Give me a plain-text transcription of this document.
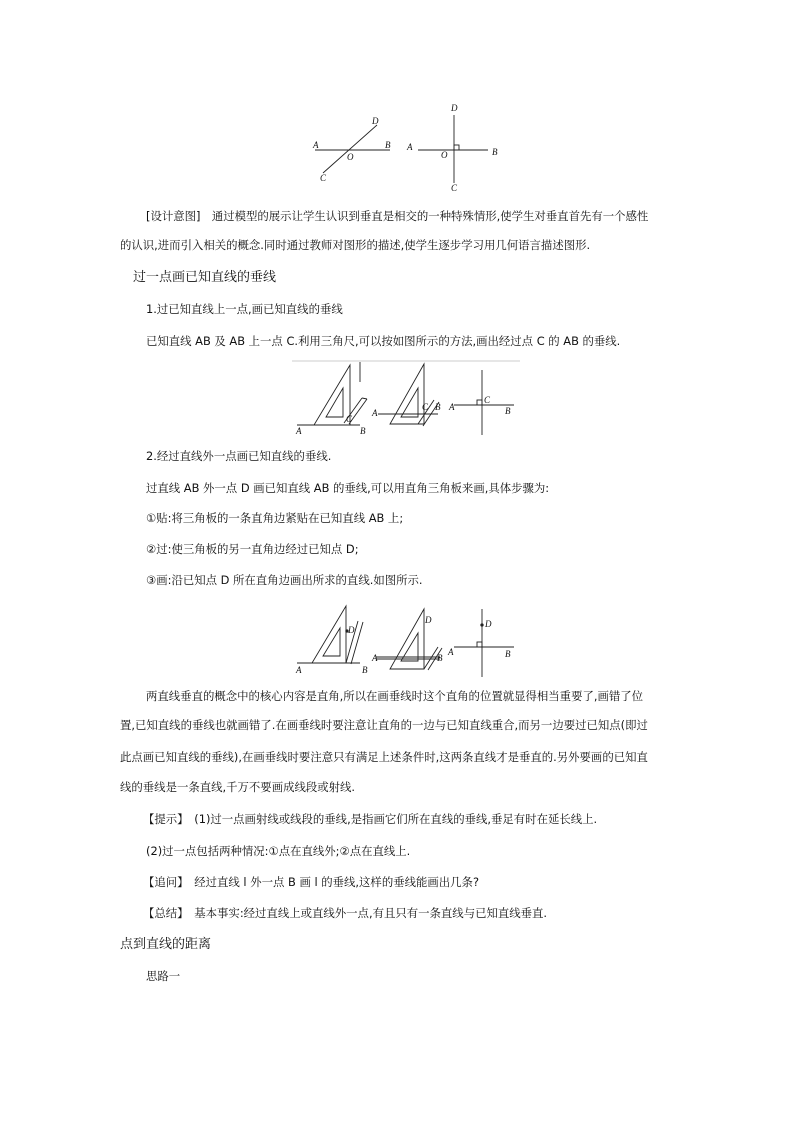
A	B
C
D
O
A	B
C
D
O
[设计意图]　通过模型的展示让学生认识到垂直是相交的一种特殊情形,使学生对垂直首先有一个感性
的认识,进而引入相关的概念.同时通过教师对图形的描述,使学生逐步学习用几何语言描述图形.
过一点画已知直线的垂线
1.过已知直线上一点,画已知直线的垂线
已知直线 AB 及 AB 上一点 C.利用三角尺,可以按如图所示的方法,画出经过点 C 的 AB 的垂线.
A	B
C
A
C B A
C
B
2.经过直线外一点画已知直线的垂线.
过直线 AB 外一点 D 画已知直线 AB 的垂线,可以用直角三角板来画,具体步骤为:
①贴:将三角板的一条直角边紧贴在已知直线 AB 上;
②过:使三角板的另一直角边经过已知点 D;
③画:沿已知点 D 所在直角边画出所求的直线.如图所示.
A	B
D
A
D
B
A
D
B
两直线垂直的概念中的核心内容是直角,所以在画垂线时这个直角的位置就显得相当重要了,画错了位
置,已知直线的垂线也就画错了.在画垂线时要注意让直角的一边与已知直线重合,而另一边要过已知点(即过
此点画已知直线的垂线),在画垂线时要注意只有满足上述条件时,这两条直线才是垂直的.另外要画的已知直
线的垂线是一条直线,千万不要画成线段或射线.
【提示】　(1)过一点画射线或线段的垂线,是指画它们所在直线的垂线,垂足有时在延长线上.
(2)过一点包括两种情况:①点在直线外;②点在直线上.
【追问】　经过直线 l 外一点 B 画 l 的垂线,这样的垂线能画出几条?
【总结】　基本事实:经过直线上或直线外一点,有且只有一条直线与已知直线垂直.
点到直线的距离
思路一
